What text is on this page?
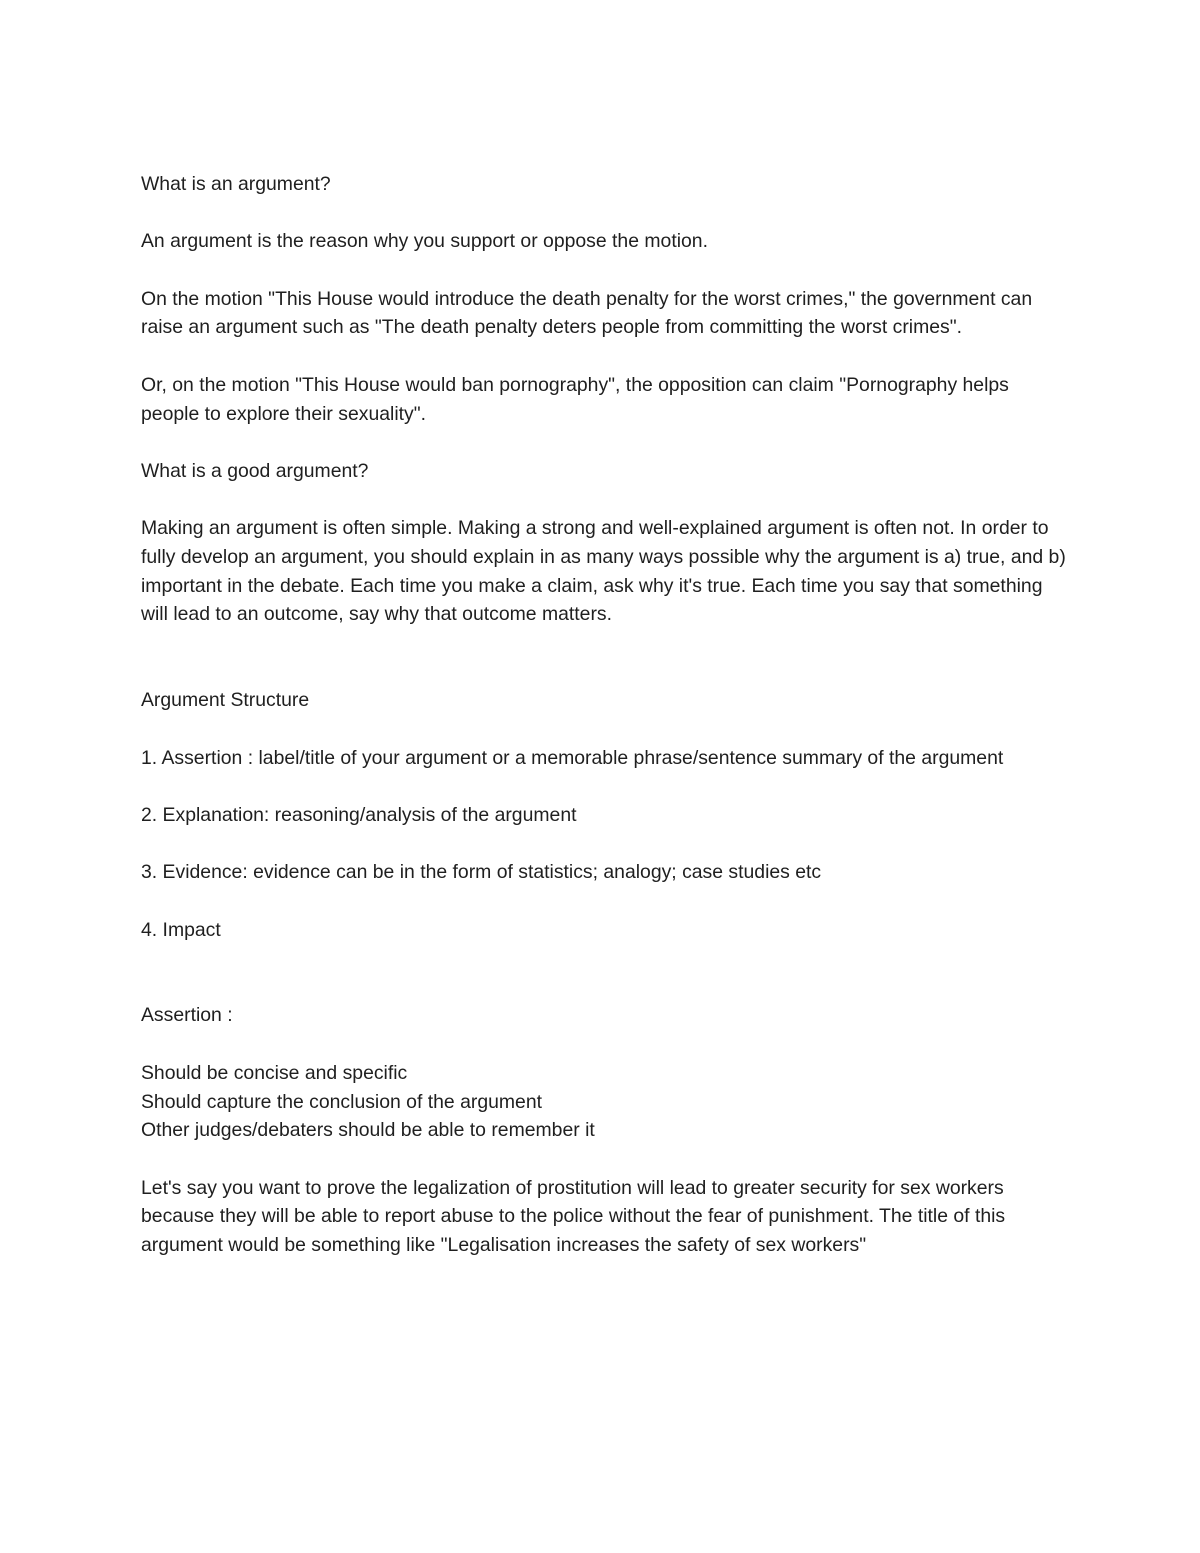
What is an argument?

An argument is the reason why you support or oppose the motion.

On the motion "This House would introduce the death penalty for the worst crimes," the government can raise an argument such as "The death penalty deters people from committing the worst crimes".

Or, on the motion "This House would ban pornography", the opposition can claim "Pornography helps people to explore their sexuality".

What is a good argument?

Making an argument is often simple. Making a strong and well-explained argument is often not. In order to fully develop an argument, you should explain in as many ways possible why the argument is a) true, and b) important in the debate. Each time you make a claim, ask why it's true. Each time you say that something will lead to an outcome, say why that outcome matters.

Argument Structure

1. Assertion : label/title of your argument or a memorable phrase/sentence summary of the argument

2. Explanation: reasoning/analysis of the argument

3. Evidence: evidence can be in the form of statistics; analogy; case studies etc

4. Impact

Assertion :

Should be concise and specific

Should capture the conclusion of the argument

Other judges/debaters should be able to remember it

Let's say you want to prove the legalization of prostitution will lead to greater security for sex workers because they will be able to report abuse to the police without the fear of punishment. The title of this argument would be something like "Legalisation increases the safety of sex workers"
